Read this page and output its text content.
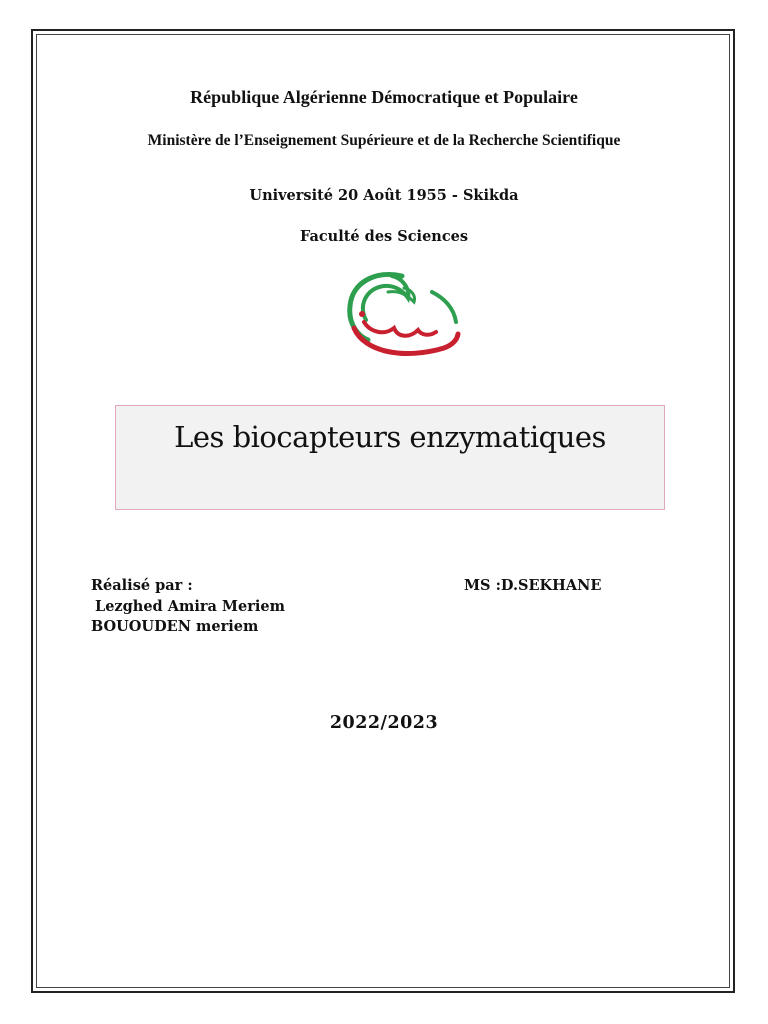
République Algérienne Démocratique et Populaire
Ministère de l’Enseignement Supérieure et de la Recherche Scientifique
Université 20 Août 1955 - Skikda
Faculté des Sciences
Les biocapteurs enzymatiques
Réalisé par :	MS :D.SEKHANE
Lezghed Amira Meriem
BOUOUDEN meriem
2022/2023
